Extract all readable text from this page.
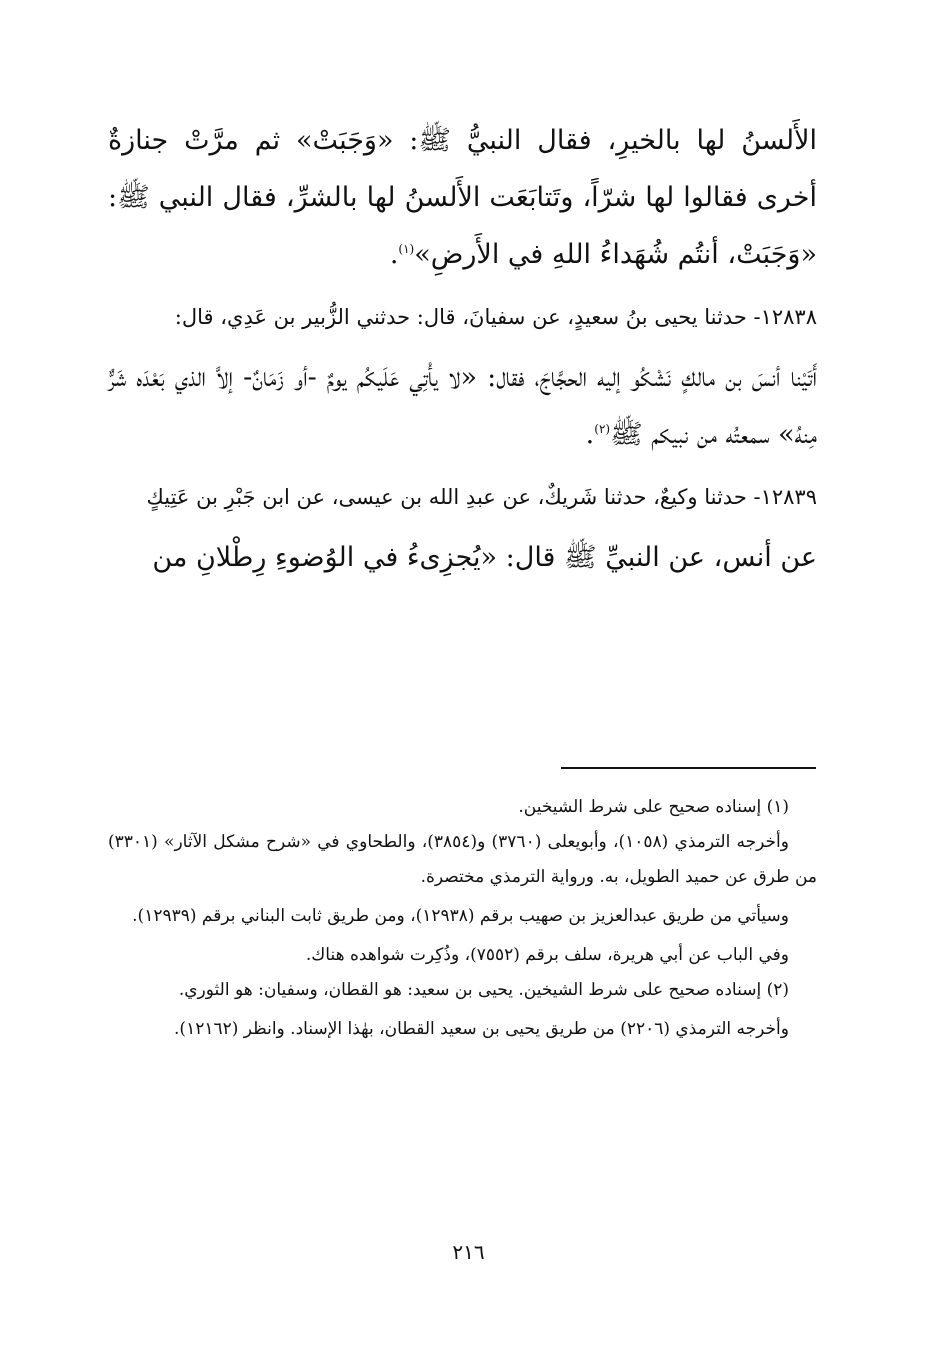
الأَلسنُ لها بالخيرِ، فقال النبيُّ ﷺ: «وَجَبَتْ» ثم مرَّتْ جنازةٌ أخرى فقالوا لها شرّاً، وتَتابَعَت الأَلسنُ لها بالشرِّ، فقال النبي ﷺ: «وَجَبَتْ، أنتُم شُهَداءُ اللهِ في الأَرضِ»$^{(١)}$.

١٢٨٣٨- حدثنا يحيى بنُ سعيدٍ، عن سفيانَ، قال: حدثني الزُّبير بن عَدِي، قال:

أَتَيْنا أنسَ بن مالكٍ نَشْكُو إليه الحجَّاجَ، فقال: «لا يأْتِي عَلَيكُم يومٌ -أو زَمَانٌ- إلاَّ الذي بَعْدَه شَرٌّ مِنهُ» سمعتُه من نبيكم ﷺ$^{(٢)}$.

١٢٨٣٩- حدثنا وكيعٌ، حدثنا شَريكٌ، عن عبدِ الله بن عيسى، عن ابن جَبْرِ بن عَتِيكٍ

عن أنس، عن النبيِّ ﷺ قال: «يُجزِىءُ في الوُضوءِ رِطْلانِ من

(١) إسناده صحيح على شرط الشيخين.

وأخرجه الترمذي (١٠٥٨)، وأبويعلى (٣٧٦٠) و(٣٨٥٤)، والطحاوي في «شرح مشكل الآثار» (٣٣٠١) من طرق عن حميد الطويل، به. ورواية الترمذي مختصرة.

وسيأتي من طريق عبدالعزيز بن صهيب برقم (١٢٩٣٨)، ومن طريق ثابت البناني برقم (١٢٩٣٩).

وفي الباب عن أبي هريرة، سلف برقم (٧٥٥٢)، وذُكِرت شواهده هناك.

(٢) إسناده صحيح على شرط الشيخين. يحيى بن سعيد: هو القطان، وسفيان: هو الثوري.

وأخرجه الترمذي (٢٢٠٦) من طريق يحيى بن سعيد القطان، بهٰذا الإسناد. وانظر (١٢١٦٢).

٢١٦
